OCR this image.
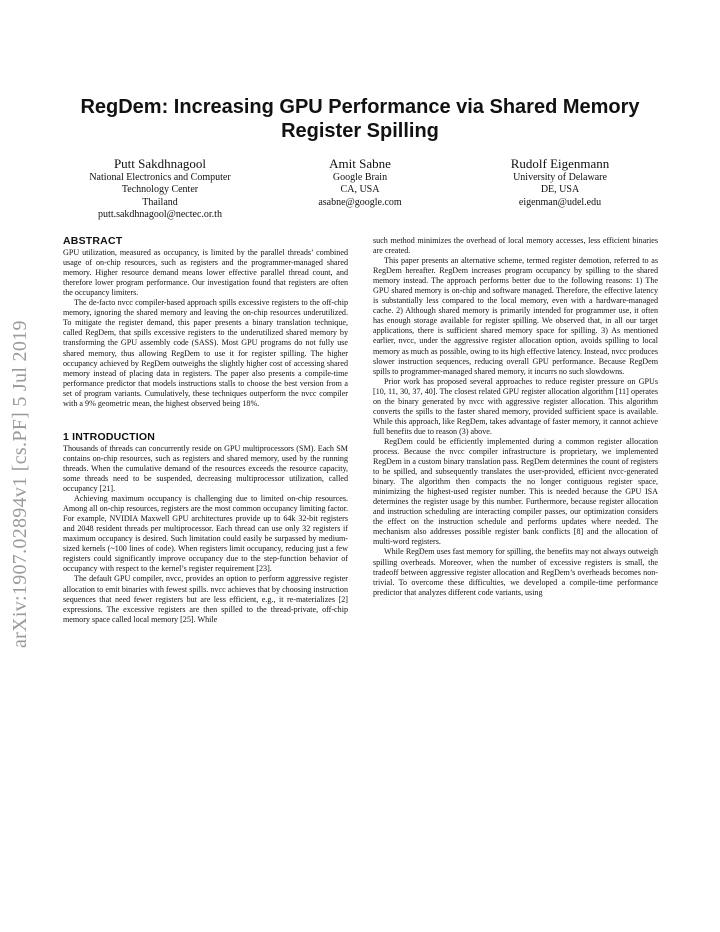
arXiv:1907.02894v1 [cs.PF] 5 Jul 2019
RegDem: Increasing GPU Performance via Shared Memory
Register Spilling
Putt Sakdhnagool
National Electronics and Computer
Technology Center
Thailand
putt.sakdhnagool@nectec.or.th
Amit Sabne
Google Brain
CA, USA
asabne@google.com
Rudolf Eigenmann
University of Delaware
DE, USA
eigenman@udel.edu
ABSTRACT

GPU utilization, measured as occupancy, is limited by the parallel threads’ combined usage of on-chip resources, such as registers and the programmer-managed shared memory. Higher resource demand means lower effective parallel thread count, and therefore lower program performance. Our investigation found that registers are often the occupancy limiters.

The de-facto nvcc compiler-based approach spills excessive registers to the off-chip memory, ignoring the shared memory and leaving the on-chip resources underutilized. To mitigate the register demand, this paper presents a binary translation technique, called RegDem, that spills excessive registers to the underutilized shared memory by transforming the GPU assembly code (SASS). Most GPU programs do not fully use shared memory, thus allowing RegDem to use it for register spilling. The higher occupancy achieved by RegDem outweighs the slightly higher cost of accessing shared memory instead of placing data in registers. The paper also presents a compile-time performance predictor that models instructions stalls to choose the best version from a set of program variants. Cumulatively, these techniques outperform the nvcc compiler with a 9% geometric mean, the highest observed being 18%.

1 INTRODUCTION

Thousands of threads can concurrently reside on GPU multiprocessors (SM). Each SM contains on-chip resources, such as registers and shared memory, used by the running threads. When the cumulative demand of the resources exceeds the resource capacity, some threads need to be suspended, decreasing multiprocessor utilization, called occupancy [21].

Achieving maximum occupancy is challenging due to limited on-chip resources. Among all on-chip resources, registers are the most common occupancy limiting factor. For example, NVIDIA Maxwell GPU architectures provide up to 64k 32-bit registers and 2048 resident threads per multiprocessor. Each thread can use only 32 registers if maximum occupancy is desired. Such limitation could easily be surpassed by medium-sized kernels (~100 lines of code). When registers limit occupancy, reducing just a few registers could significantly improve occupancy due to the step-function behavior of occupancy with respect to the kernel’s register requirement [23].

The default GPU compiler, nvcc, provides an option to perform aggressive register allocation to emit binaries with fewest spills. nvcc achieves that by choosing instruction sequences that need fewer registers but are less efficient, e.g., it re-materializes [2] expressions. The excessive registers are then spilled to the thread-private, off-chip memory space called local memory [25]. While

such method minimizes the overhead of local memory accesses, less efficient binaries are created.

This paper presents an alternative scheme, termed register demotion, referred to as RegDem hereafter. RegDem increases program occupancy by spilling to the shared memory instead. The approach performs better due to the following reasons: 1) The GPU shared memory is on-chip and software managed. Therefore, the effective latency is substantially less compared to the local memory, even with a hardware-managed cache. 2) Although shared memory is primarily intended for programmer use, it often has enough storage available for register spilling. We observed that, in all our target applications, there is sufficient shared memory space for spilling. 3) As mentioned earlier, nvcc, under the aggressive register allocation option, avoids spilling to local memory as much as possible, owing to its high effective latency. Instead, nvcc produces slower instruction sequences, reducing overall GPU performance. Because RegDem spills to programmer-managed shared memory, it incurrs no such slowdowns.

Prior work has proposed several approaches to reduce register pressure on GPUs [10, 11, 30, 37, 40]. The closest related GPU register allocation algorithm [11] operates on the binary generated by nvcc with aggressive register allocation. This algorithm converts the spills to the faster shared memory, provided sufficient space is available. While this approach, like RegDem, takes advantage of faster memory, it cannot achieve full benefits due to reason (3) above.

RegDem could be efficiently implemented during a common register allocation process. Because the nvcc compiler infrastructure is proprietary, we implemented RegDem in a custom binary translation pass. RegDem determines the count of registers to be spilled, and subsequently translates the user-provided, efficient nvcc-generated binary. The algorithm then compacts the no longer contiguous register space, minimizing the highest-used register number. This is needed because the GPU ISA determines the register usage by this number. Furthermore, because register allocation and instruction scheduling are interacting compiler passes, our optimization considers the effect on the instruction schedule and performs updates where needed. The mechanism also addresses possible register bank conflicts [8] and the allocation of multi-word registers.

While RegDem uses fast memory for spilling, the benefits may not always outweigh spilling overheads. Moreover, when the number of excessive registers is small, the tradeoff between aggressive register allocation and RegDem’s overheads becomes non-trivial. To overcome these difficulties, we developed a compile-time performance predictor that analyzes different code variants, using
